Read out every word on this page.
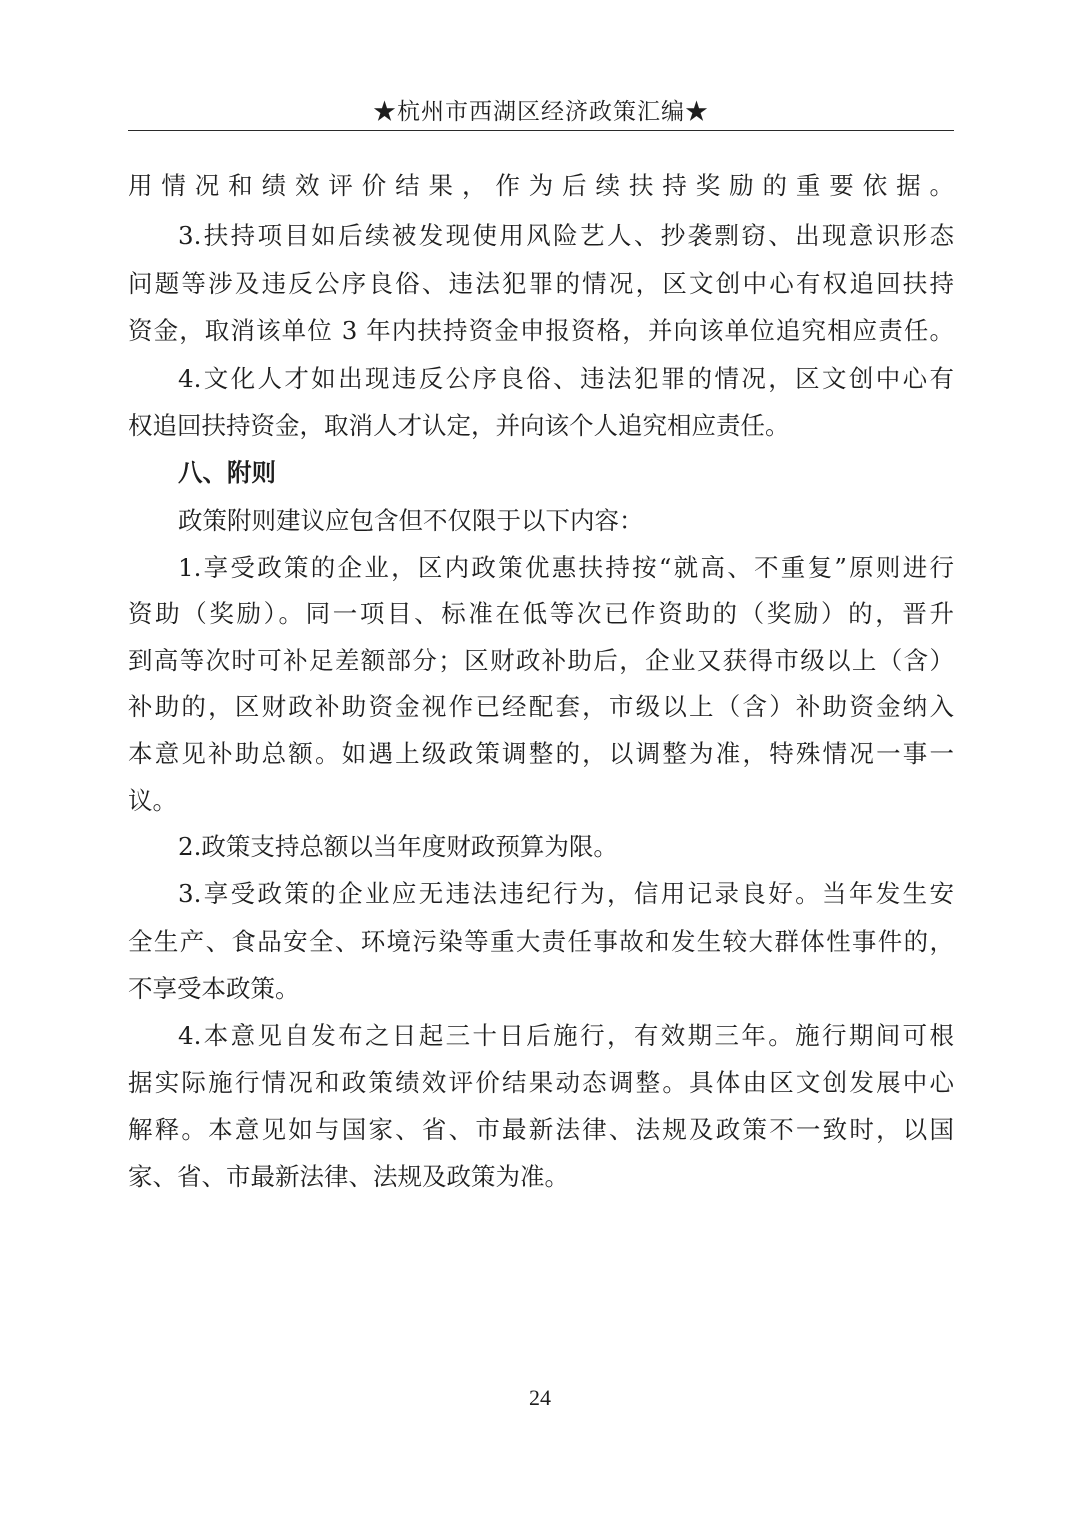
★杭州市西湖区经济政策汇编★
用情况和绩效评价结果，作为后续扶持奖励的重要依据。
3.扶持项目如后续被发现使用风险艺人、抄袭剽窃、出现意识形态
问题等涉及违反公序良俗、违法犯罪的情况，区文创中心有权追回扶持
资金，取消该单位 3 年内扶持资金申报资格，并向该单位追究相应责任。
4.文化人才如出现违反公序良俗、违法犯罪的情况，区文创中心有
权追回扶持资金，取消人才认定，并向该个人追究相应责任。
八、附则
政策附则建议应包含但不仅限于以下内容：
1.享受政策的企业，区内政策优惠扶持按“就高、不重复”原则进行
资助（奖励）。同一项目、标准在低等次已作资助的（奖励）的，晋升
到高等次时可补足差额部分；区财政补助后，企业又获得市级以上（含）
补助的，区财政补助资金视作已经配套，市级以上（含）补助资金纳入
本意见补助总额。如遇上级政策调整的，以调整为准，特殊情况一事一
议。
2.政策支持总额以当年度财政预算为限。
3.享受政策的企业应无违法违纪行为，信用记录良好。当年发生安
全生产、食品安全、环境污染等重大责任事故和发生较大群体性事件的，
不享受本政策。
4.本意见自发布之日起三十日后施行，有效期三年。施行期间可根
据实际施行情况和政策绩效评价结果动态调整。具体由区文创发展中心
解释。本意见如与国家、省、市最新法律、法规及政策不一致时，以国
家、省、市最新法律、法规及政策为准。
24
